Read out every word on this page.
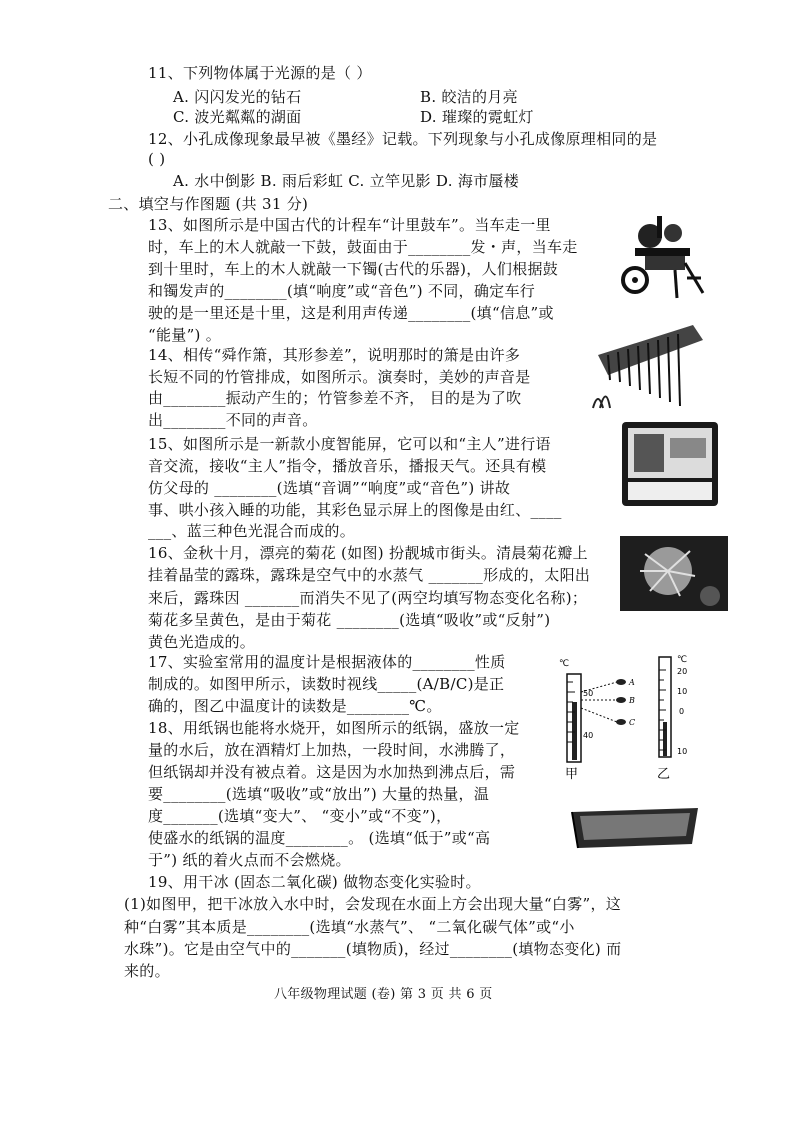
11、下列物体属于光源的是（ ）
A. 闪闪发光的钻石	B. 皎洁的月亮
C. 波光粼粼的湖面	D. 璀璨的霓虹灯
12、小孔成像现象最早被《墨经》记载。下列现象与小孔成像原理相同的是
( )
A. 水中倒影 B. 雨后彩虹 C. 立竿见影 D. 海市蜃楼
二、填空与作图题 (共 31 分)
13、如图所示是中国古代的计程车“计里鼓车”。当车走一里
时，车上的木人就敲一下鼓，鼓面由于________发・声，当车走
到十里时，车上的木人就敲一下镯(古代的乐器)，人们根据鼓
和镯发声的________(填“响度”或“音色”) 不同，确定车行
驶的是一里还是十里，这是利用声传递________(填“信息”或
“能量”) 。
14、相传“舜作箫，其形参差”，说明那时的箫是由许多
长短不同的竹管排成，如图所示。演奏时，美妙的声音是
由________振动产生的；竹管参差不齐， 目的是为了吹
出________不同的声音。
15、如图所示是一新款小度智能屏，它可以和“主人”进行语
音交流，接收“主人”指令，播放音乐，播报天气。还具有模
仿父母的 ________(选填“音调”“响度”或“音色”) 讲故
事、哄小孩入睡的功能，其彩色显示屏上的图像是由红、____
___、蓝三种色光混合而成的。
16、金秋十月，漂亮的菊花 (如图) 扮靓城市街头。清晨菊花瓣上
挂着晶莹的露珠，露珠是空气中的水蒸气 _______形成的，太阳出
来后，露珠因 _______而消失不见了(两空均填写物态变化名称)；
菊花多呈黄色，是由于菊花 ________(选填“吸收”或“反射”)
黄色光造成的。
17、实验室常用的温度计是根据液体的________性质
制成的。如图甲所示，读数时视线_____(A/B/C)是正
确的，图乙中温度计的读数是________℃。
℃
50
40
A
B
C
甲
℃
20
10
0
10
乙
18、用纸锅也能将水烧开，如图所示的纸锅，盛放一定
量的水后，放在酒精灯上加热，一段时间，水沸腾了，
但纸锅却并没有被点着。这是因为水加热到沸点后，需
要________(选填“吸收”或“放出”) 大量的热量，温
度_______(选填“变大”、 “变小”或“不变”)，
使盛水的纸锅的温度________。 (选填“低于”或“高
于”) 纸的着火点而不会燃烧。
19、用干冰 (固态二氧化碳) 做物态变化实验时。
(1)如图甲，把干冰放入水中时，会发现在水面上方会出现大量“白雾”，这
种“白雾”其本质是________(选填“水蒸气”、 “二氧化碳气体”或“小
水珠”)。它是由空气中的_______(填物质)，经过________(填物态变化) 而
来的。
八年级物理试题 (卷) 第 3 页 共 6 页
